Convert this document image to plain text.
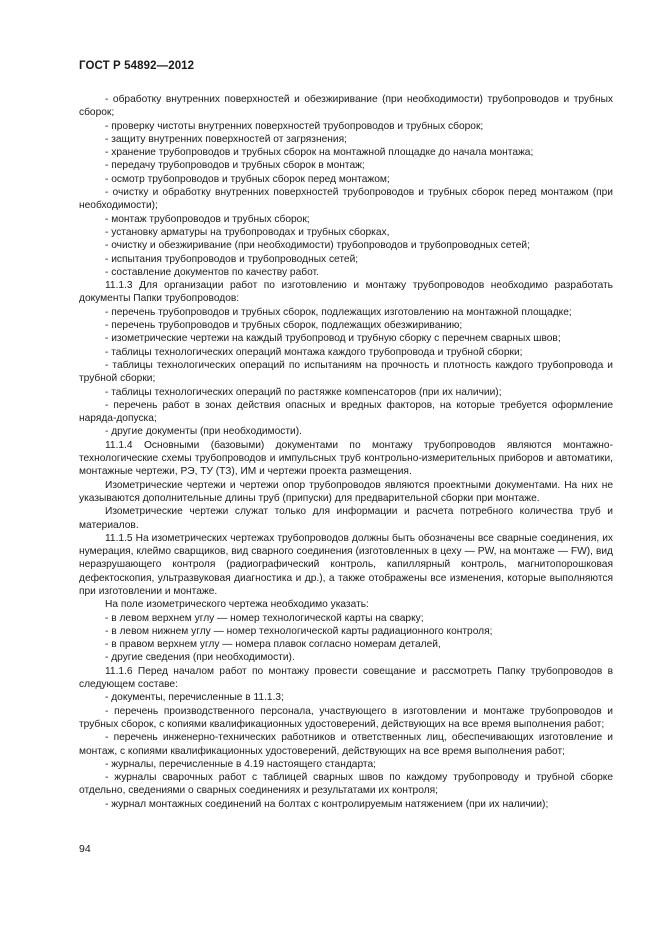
ГОСТ Р 54892—2012

- обработку внутренних поверхностей и обезжиривание (при необходимости) трубопроводов и трубных сборок;

- проверку чистоты внутренних поверхностей трубопроводов и трубных сборок;

- защиту внутренних поверхностей от загрязнения;

- хранение трубопроводов и трубных сборок на монтажной площадке до начала монтажа;

- передачу трубопроводов и трубных сборок в монтаж;

- осмотр трубопроводов и трубных сборок перед монтажом;

- очистку и обработку внутренних поверхностей трубопроводов и трубных сборок перед монтажом (при необходимости);

- монтаж трубопроводов и трубных сборок;

- установку арматуры на трубопроводах и трубных сборках,

- очистку и обезжиривание (при необходимости) трубопроводов и трубопроводных сетей;

- испытания трубопроводов и трубопроводных сетей;

- составление документов по качеству работ.

11.1.3 Для организации работ по изготовлению и монтажу трубопроводов необходимо разработать документы Папки трубопроводов:

- перечень трубопроводов и трубных сборок, подлежащих изготовлению на монтажной площадке;

- перечень трубопроводов и трубных сборок, подлежащих обезжириванию;

- изометрические чертежи на каждый трубопровод и трубную сборку с перечнем сварных швов;

- таблицы технологических операций монтажа каждого трубопровода и трубной сборки;

- таблицы технологических операций по испытаниям на прочность и плотность каждого трубопровода и трубной сборки;

- таблицы технологических операций по растяжке компенсаторов (при их наличии);

- перечень работ в зонах действия опасных и вредных факторов, на которые требуется оформление наряда-допуска;

- другие документы (при необходимости).

11.1.4 Основными (базовыми) документами по монтажу трубопроводов являются монтажно-технологические схемы трубопроводов и импульсных труб контрольно-измерительных приборов и автоматики, монтажные чертежи, РЭ, ТУ (ТЗ), ИМ и чертежи проекта размещения.

Изометрические чертежи и чертежи опор трубопроводов являются проектными документами. На них не указываются дополнительные длины труб (припуски) для предварительной сборки при монтаже.

Изометрические чертежи служат только для информации и расчета потребного количества труб и материалов.

11.1.5 На изометрических чертежах трубопроводов должны быть обозначены все сварные соединения, их нумерация, клеймо сварщиков, вид сварного соединения (изготовленных в цеху — PW, на монтаже — FW), вид неразрушающего контроля (радиографический контроль, капиллярный контроль, магнитопорошковая дефектоскопия, ультразвуковая диагностика и др.), а также отображены все изменения, которые выполняются при изготовлении и монтаже.

На поле изометрического чертежа необходимо указать:

- в левом верхнем углу — номер технологической карты на сварку;

- в левом нижнем углу — номер технологической карты радиационного контроля;

- в правом верхнем углу — номера плавок согласно номерам деталей,

- другие сведения (при необходимости).

11.1.6 Перед началом работ по монтажу провести совещание и рассмотреть Папку трубопроводов в следующем составе:

- документы, перечисленные в 11.1.3;

- перечень производственного персонала, участвующего в изготовлении и монтаже трубопроводов и трубных сборок, с копиями квалификационных удостоверений, действующих на все время выполнения работ;

- перечень инженерно-технических работников и ответственных лиц, обеспечивающих изготовление и монтаж, с копиями квалификационных удостоверений, действующих на все время выполнения работ;

- журналы, перечисленные в 4.19 настоящего стандарта;

- журналы сварочных работ с таблицей сварных швов по каждому трубопроводу и трубной сборке отдельно, сведениями о сварных соединениях и результатами их контроля;

- журнал монтажных соединений на болтах с контролируемым натяжением (при их наличии);

94
